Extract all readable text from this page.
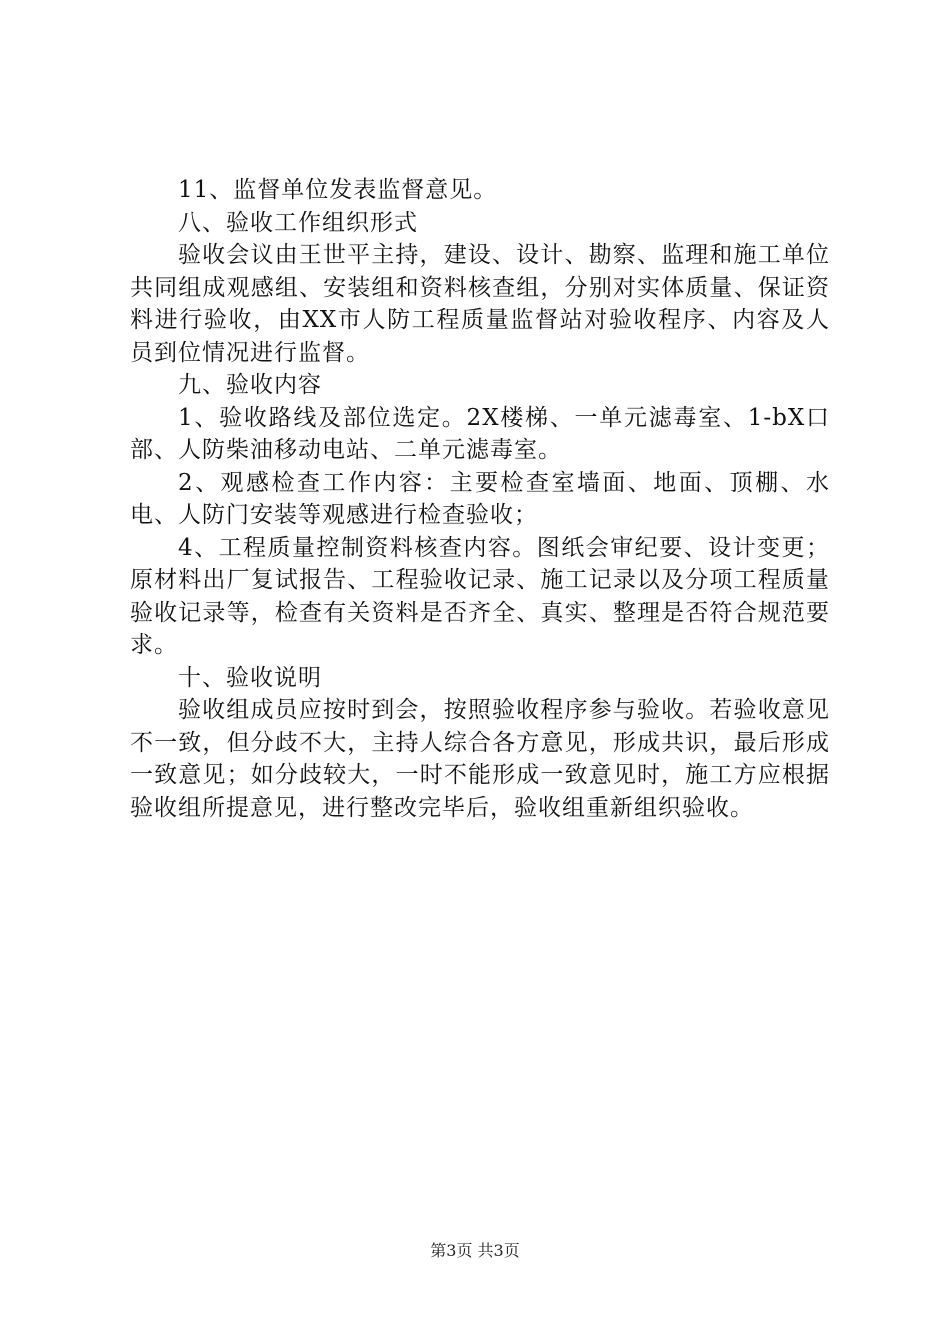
11、监督单位发表监督意见。

八、验收工作组织形式

验收会议由王世平主持，建设、设计、勘察、监理和施工单位共同组成观感组、安装组和资料核查组，分别对实体质量、保证资料进行验收，由XX市人防工程质量监督站对验收程序、内容及人员到位情况进行监督。

九、验收内容

1、验收路线及部位选定。2X楼梯、一单元滤毒室、1-bX口部、人防柴油移动电站、二单元滤毒室。

2、观感检查工作内容：主要检查室墙面、地面、顶棚、水电、人防门安装等观感进行检查验收；

4、工程质量控制资料核查内容。图纸会审纪要、设计变更；原材料出厂复试报告、工程验收记录、施工记录以及分项工程质量验收记录等，检查有关资料是否齐全、真实、整理是否符合规范要求。

十、验收说明

验收组成员应按时到会，按照验收程序参与验收。若验收意见不一致，但分歧不大，主持人综合各方意见，形成共识，最后形成一致意见；如分歧较大，一时不能形成一致意见时，施工方应根据验收组所提意见，进行整改完毕后，验收组重新组织验收。

第3页 共3页
